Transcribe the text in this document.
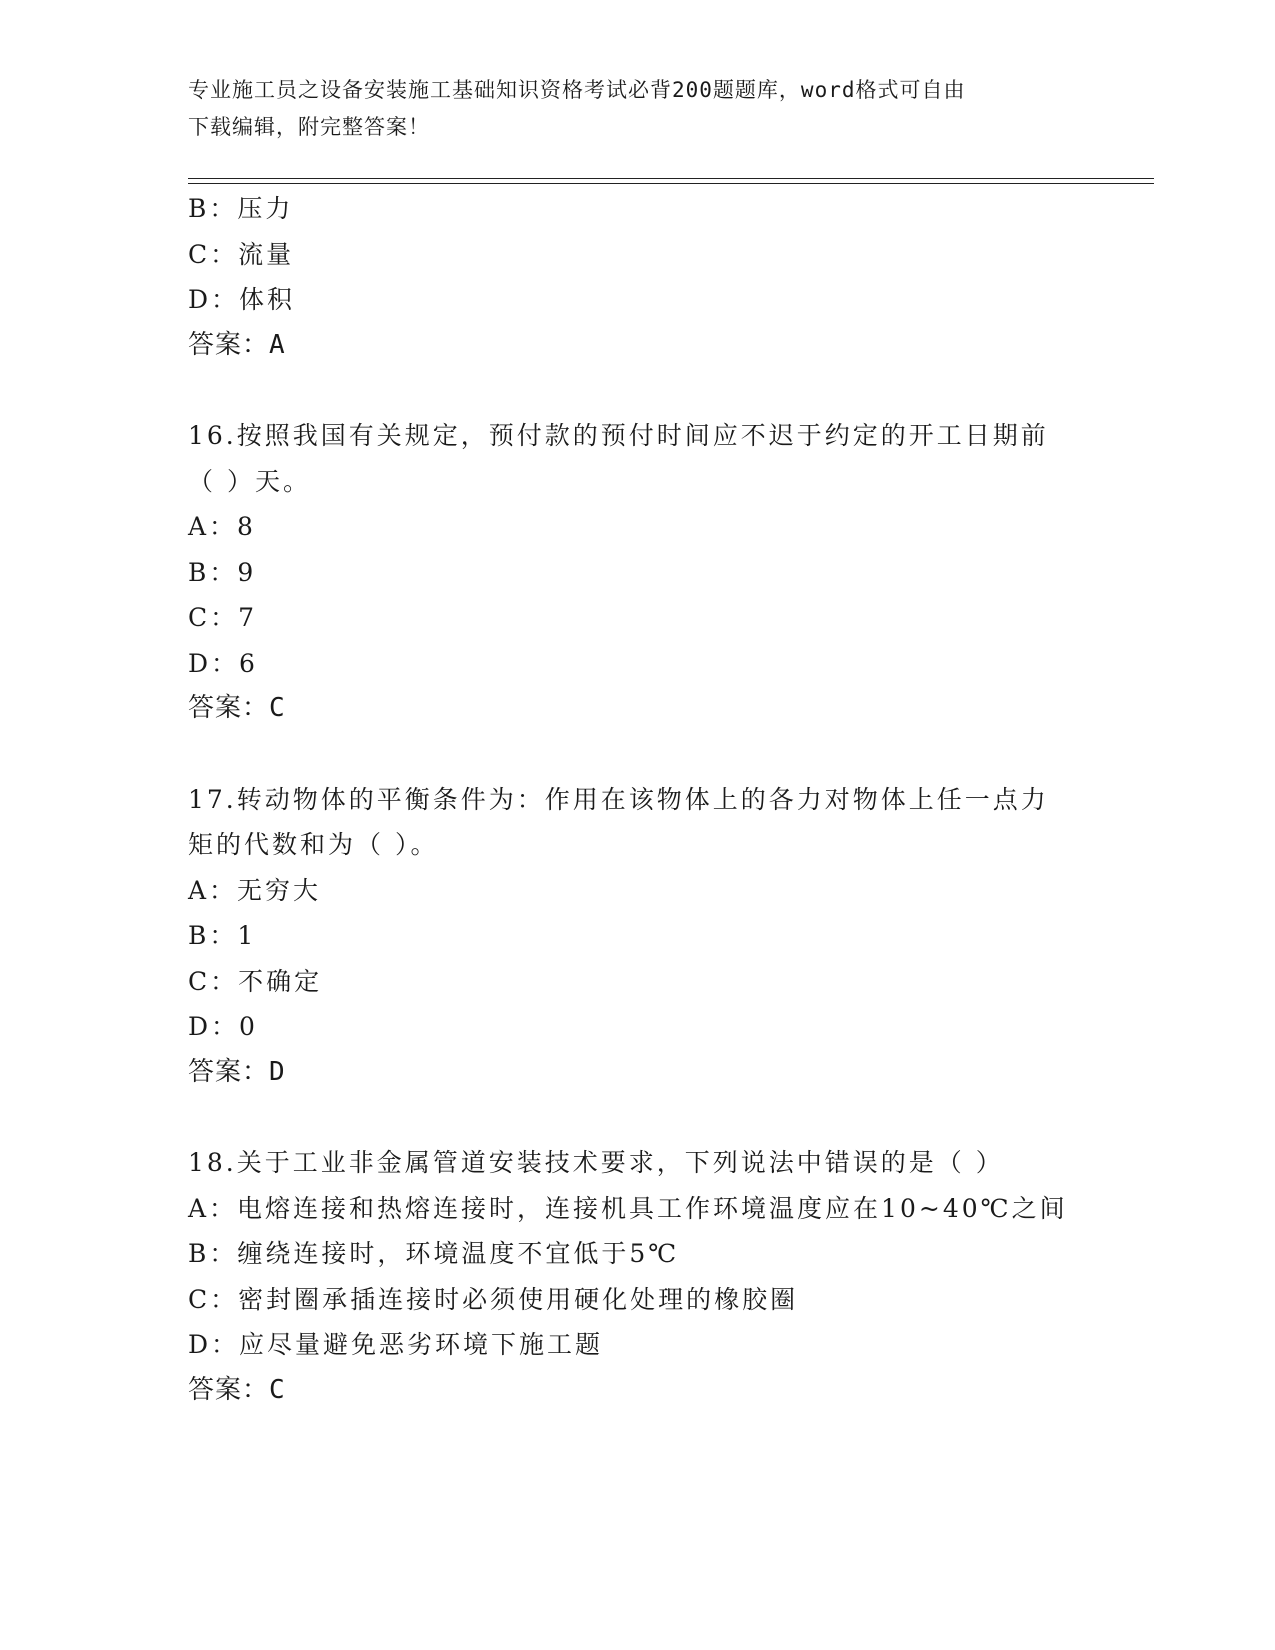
专业施工员之设备安装施工基础知识资格考试必背200题题库，word格式可自由
下载编辑，附完整答案！
B：压力
C：流量
D：体积
答案：A
16.按照我国有关规定，预付款的预付时间应不迟于约定的开工日期前
（ ）天。
A：8
B：9
C：7
D：6
答案：C
17.转动物体的平衡条件为：作用在该物体上的各力对物体上任一点力
矩的代数和为（ ）。
A：无穷大
B：1
C：不确定
D：0
答案：D
18.关于工业非金属管道安装技术要求，下列说法中错误的是（ ）
A：电熔连接和热熔连接时，连接机具工作环境温度应在10~40℃之间
B：缠绕连接时，环境温度不宜低于5℃
C：密封圈承插连接时必须使用硬化处理的橡胶圈
D：应尽量避免恶劣环境下施工题
答案：C
